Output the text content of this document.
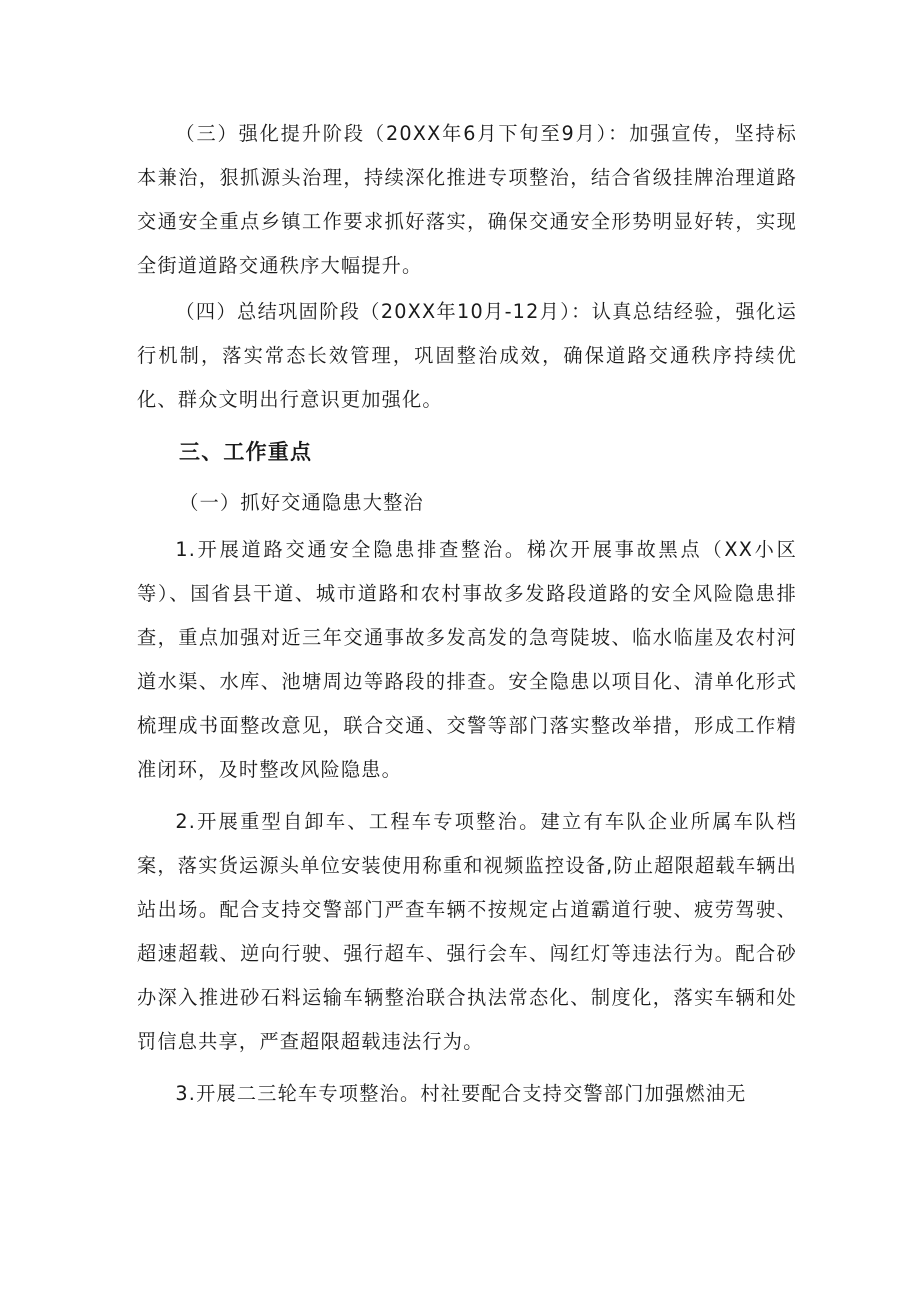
（三）强化提升阶段（20XX年6月下旬至9月）：加强宣传，坚持标本兼治，狠抓源头治理，持续深化推进专项整治，结合省级挂牌治理道路交通安全重点乡镇工作要求抓好落实，确保交通安全形势明显好转，实现全街道道路交通秩序大幅提升。

（四）总结巩固阶段（20XX年10月-12月）：认真总结经验，强化运行机制，落实常态长效管理，巩固整治成效，确保道路交通秩序持续优化、群众文明出行意识更加强化。

三、工作重点

（一）抓好交通隐患大整治

1.开展道路交通安全隐患排查整治。梯次开展事故黑点（XX小区等）、国省县干道、城市道路和农村事故多发路段道路的安全风险隐患排查，重点加强对近三年交通事故多发高发的急弯陡坡、临水临崖及农村河道水渠、水库、池塘周边等路段的排查。安全隐患以项目化、清单化形式梳理成书面整改意见，联合交通、交警等部门落实整改举措，形成工作精准闭环，及时整改风险隐患。

2.开展重型自卸车、工程车专项整治。建立有车队企业所属车队档案，落实货运源头单位安装使用称重和视频监控设备,防止超限超载车辆出站出场。配合支持交警部门严查车辆不按规定占道霸道行驶、疲劳驾驶、超速超载、逆向行驶、强行超车、强行会车、闯红灯等违法行为。配合砂办深入推进砂石料运输车辆整治联合执法常态化、制度化，落实车辆和处罚信息共享，严查超限超载违法行为。

3.开展二三轮车专项整治。村社要配合支持交警部门加强燃油无
